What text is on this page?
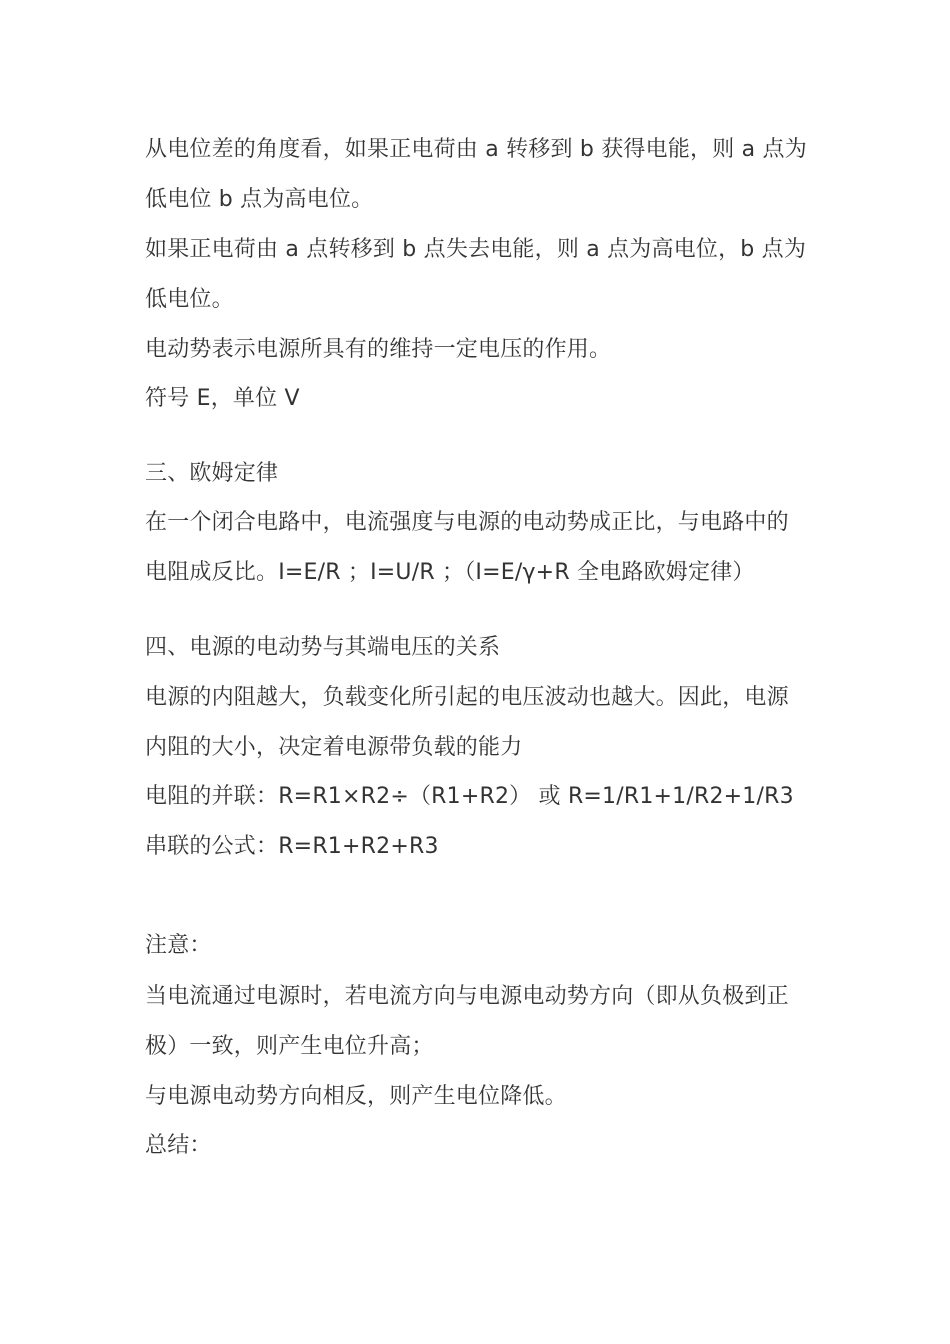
从电位差的角度看，如果正电荷由 a 转移到 b 获得电能，则 a 点为
低电位 b 点为高电位。
如果正电荷由 a 点转移到 b 点失去电能，则 a 点为高电位，b 点为
低电位。
电动势表示电源所具有的维持一定电压的作用。
符号 E，单位 V
三、欧姆定律
在一个闭合电路中，电流强度与电源的电动势成正比，与电路中的
电阻成反比。I=E/R ；I=U/R ；（I=E/γ+R 全电路欧姆定律）
四、电源的电动势与其端电压的关系
电源的内阻越大，负载变化所引起的电压波动也越大。因此，电源
内阻的大小，决定着电源带负载的能力
电阻的并联：R=R1×R2÷（R1+R2） 或 R=1/R1+1/R2+1/R3
串联的公式：R=R1+R2+R3
注意：
当电流通过电源时，若电流方向与电源电动势方向（即从负极到正
极）一致，则产生电位升高；
与电源电动势方向相反，则产生电位降低。
总结：
